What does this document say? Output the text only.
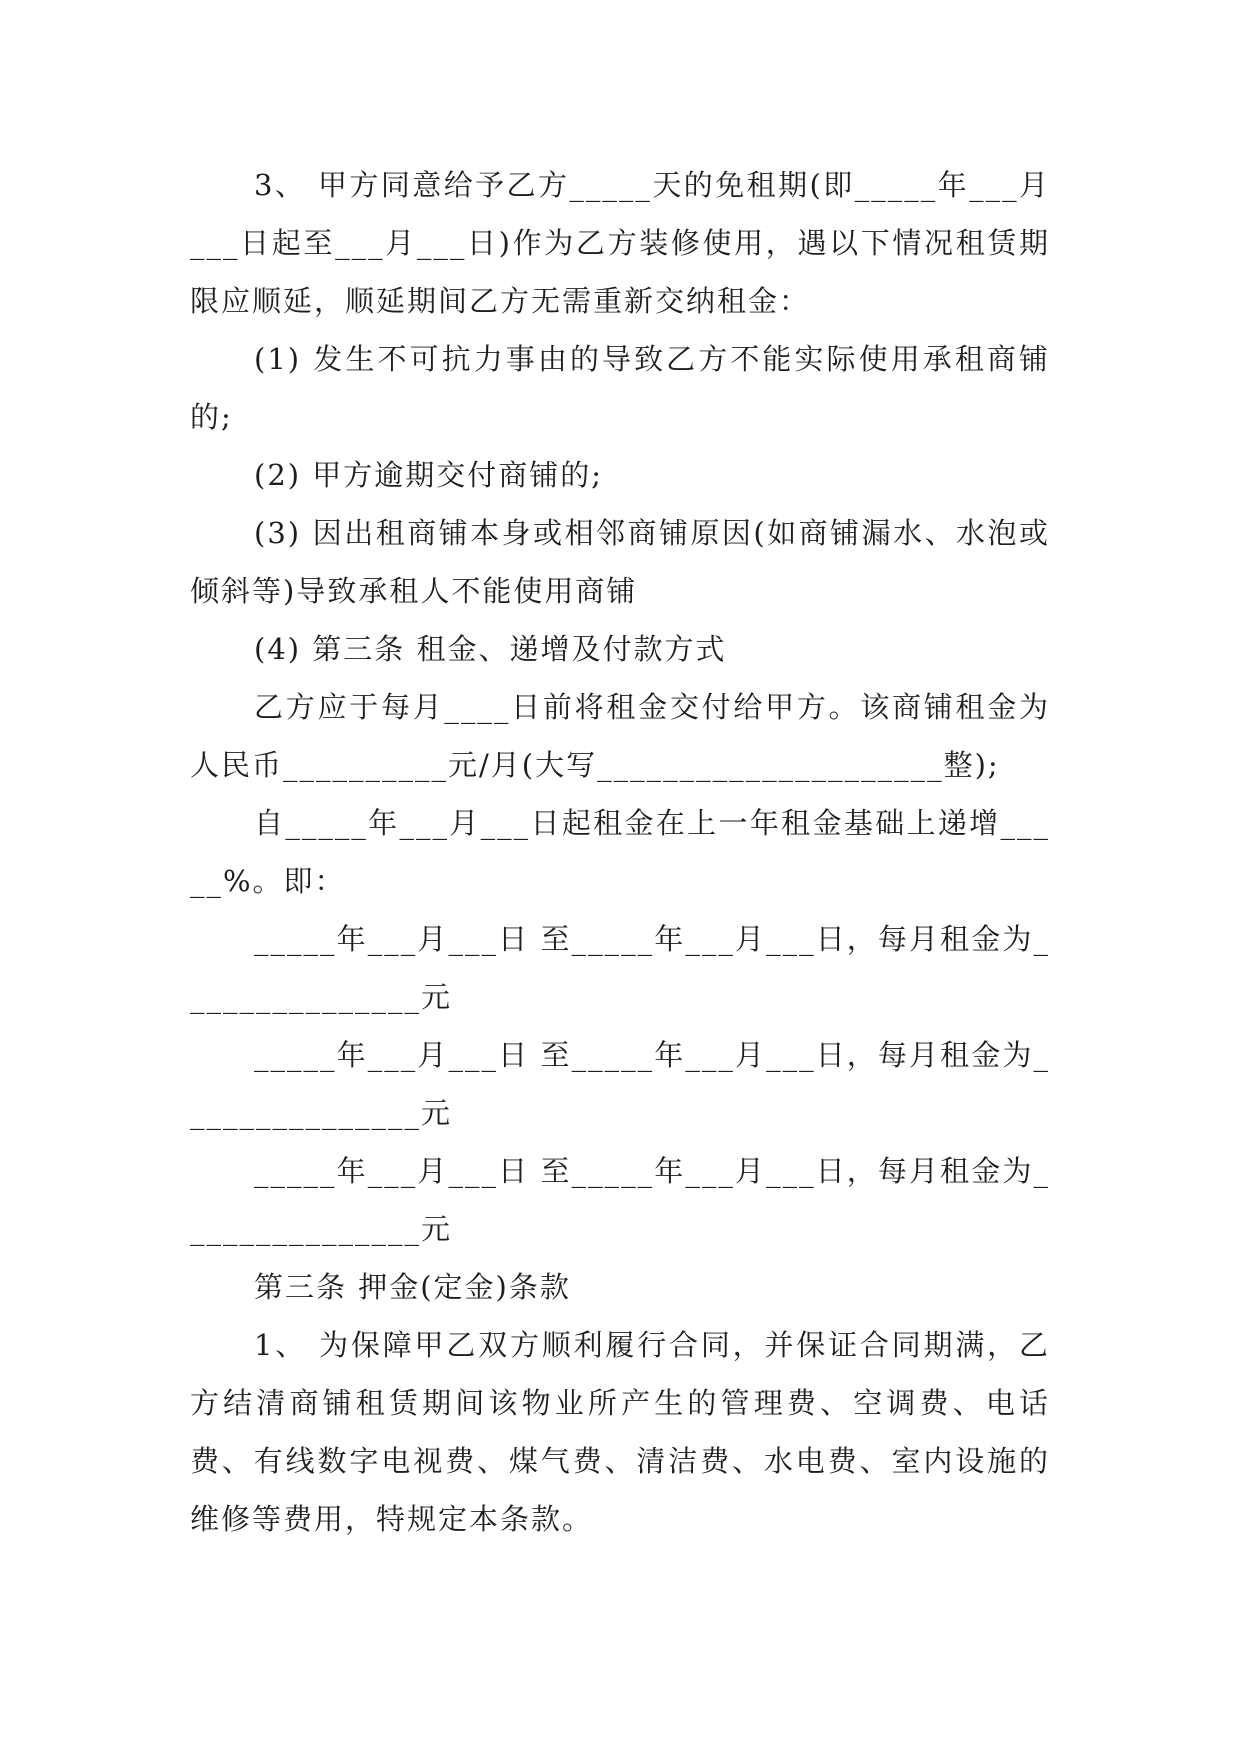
3、 甲方同意给予乙方_____天的免租期(即_____年___月___日起至___月___日)作为乙方装修使用，遇以下情况租赁期限应顺延，顺延期间乙方无需重新交纳租金：

(1) 发生不可抗力事由的导致乙方不能实际使用承租商铺的;

(2) 甲方逾期交付商铺的;

(3) 因出租商铺本身或相邻商铺原因(如商铺漏水、水泡或倾斜等)导致承租人不能使用商铺

(4) 第三条 租金、递增及付款方式

乙方应于每月____日前将租金交付给甲方。该商铺租金为人民币__________元/月(大写_____________________整);

自_____年___月___日起租金在上一年租金基础上递增_____%。即：

_____年___月___日 至_____年___月___日，每月租金为_______________元

_____年___月___日 至_____年___月___日，每月租金为_______________元

_____年___月___日 至_____年___月___日，每月租金为_______________元

第三条 押金(定金)条款

1、 为保障甲乙双方顺利履行合同，并保证合同期满，乙方结清商铺租赁期间该物业所产生的管理费、空调费、电话费、有线数字电视费、煤气费、清洁费、水电费、室内设施的维修等费用，特规定本条款。
